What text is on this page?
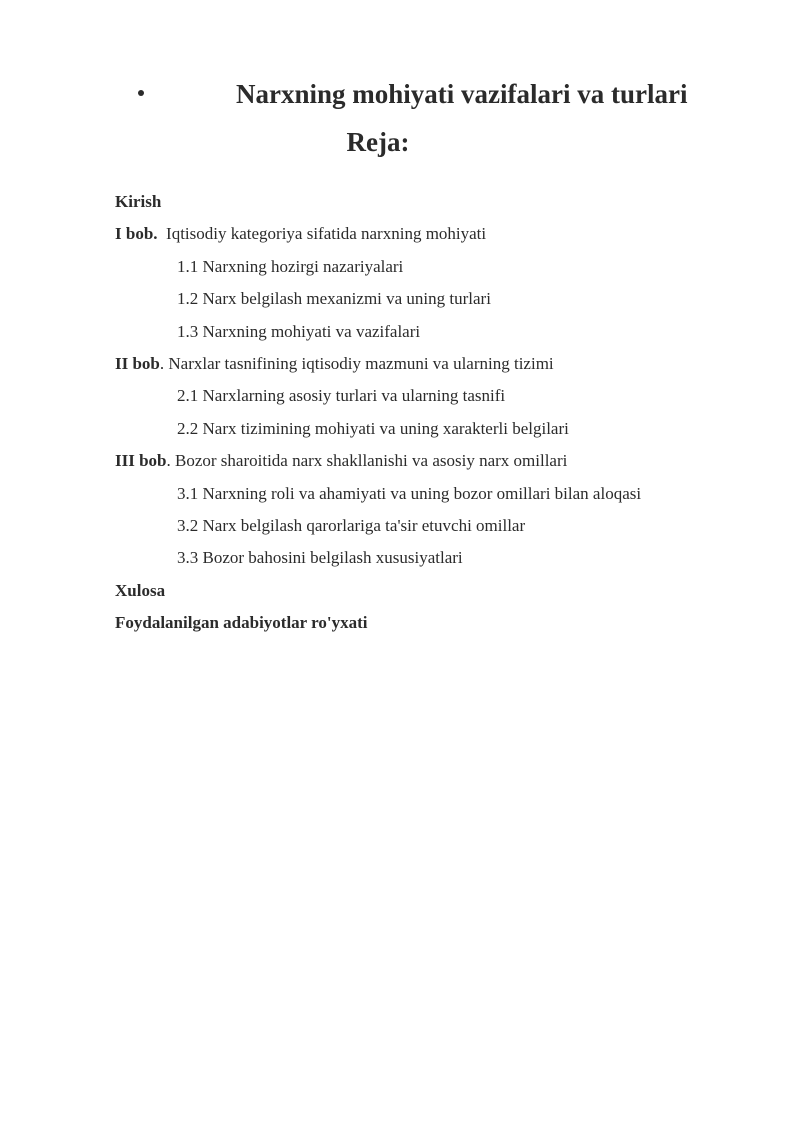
Narxning mohiyati vazifalari va turlari
Reja:
Kirish
I bob.  Iqtisodiy kategoriya sifatida narxning mohiyati
1.1 Narxning hozirgi nazariyalari
1.2 Narx belgilash mexanizmi va uning turlari
1.3 Narxning mohiyati va vazifalari
II bob. Narxlar tasnifining iqtisodiy mazmuni va ularning tizimi
2.1 Narxlarning asosiy turlari va ularning tasnifi
2.2 Narx tizimining mohiyati va uning xarakterli belgilari
III bob. Bozor sharoitida narx shakllanishi va asosiy narx omillari
3.1 Narxning roli va ahamiyati va uning bozor omillari bilan aloqasi
3.2 Narx belgilash qarorlariga ta'sir etuvchi omillar
3.3 Bozor bahosini belgilash xususiyatlari
Xulosa
Foydalanilgan adabiyotlar ro'yxati
